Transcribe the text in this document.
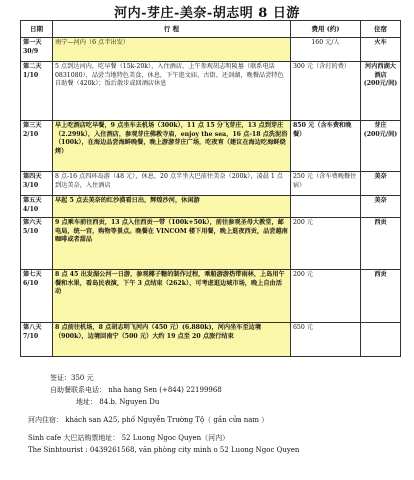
河内-芽庄-美奈-胡志明 8 日游
日期	行 程	费用 (约)	住宿
第一天
30/9	南宁—河内（6 点半出发）	160 元/人	火车
第二天
1/10	5 点到达河内，吃早餐（15k-20k），入住酒店，上午参观胡志明陵墓（联系电话 0831080），品尝当地特色美食，休息，下午逛文庙、古街、还剑湖，晚餐品尝特色自助餐（420k）；饭后散步或回酒店休息	300 元（含打的费）	河内西湖大酒店
(200元/间)
第三天
2/10	早上吃酒店吃早餐，9 点坐车去机场（300k），11 点 15 分飞芽庄，13 点到芽庄（2.299k），入住酒店，参观芽庄佛教寺庙，enjoy the sea，16 点-18 点洗泥浴（100k），在海边品尝海鲜晚餐，晚上游游芽庄广场，吃夜宵（建议在海边吃海鲜烧烤）	850 元（含车费和晚餐）	芽庄
(200元/间)
第四天
3/10	8 点-16 点四环岛游（48 元），休息，20 点半坐大巴前往美奈（200k），凌晨 1 点到达美奈，入住酒店	250 元（含车费晚餐住宿）	美奈
第五天
4/10	早起 5 点去美奈的红沙漠看日出，辉煌沙河，休闲游		美奈
第六天
5/10	9 点乘车前往西贡，13 点入住西贡一带（100k+50k），前往参观圣母大教堂，邮电局，统一宫，购物等景点。晚餐在 VINCOM 楼下用餐，晚上逛夜西贡，品尝越南咖啡或者甜品	200 元	西贡
第七天
6/10	8 点 45 出发湄公河一日游，参观椰子糖的制作过程，乘船游游热带雨林，上岛用午餐和水果，看岛民表演，下午 3 点结束（262k），可考虑逛边城市场，晚上自由活动	200 元	西贡
第八天
7/10	8 点前往机场，8 点胡志明飞河内（450 元）(6.880k)，河内坐车至边境（900k），边境回南宁（500 元）大约 19 点至 20 点旅行结束	650 元	
签证：350 元
自助餐联系电话： nha hang Sen (+844) 22199968
地址： 84.b. Nguyen Du
河内住宿： khách san A25, phố Nguyễn Trường Tộ（ gần cửa nam ）
Sinh cafe 大巴站购票地址： 52 Luong Ngoc Quyen（河内）
The Sinhtourist : 0439261568, văn phòng city minh o 52 Luong Ngoc Quyen
